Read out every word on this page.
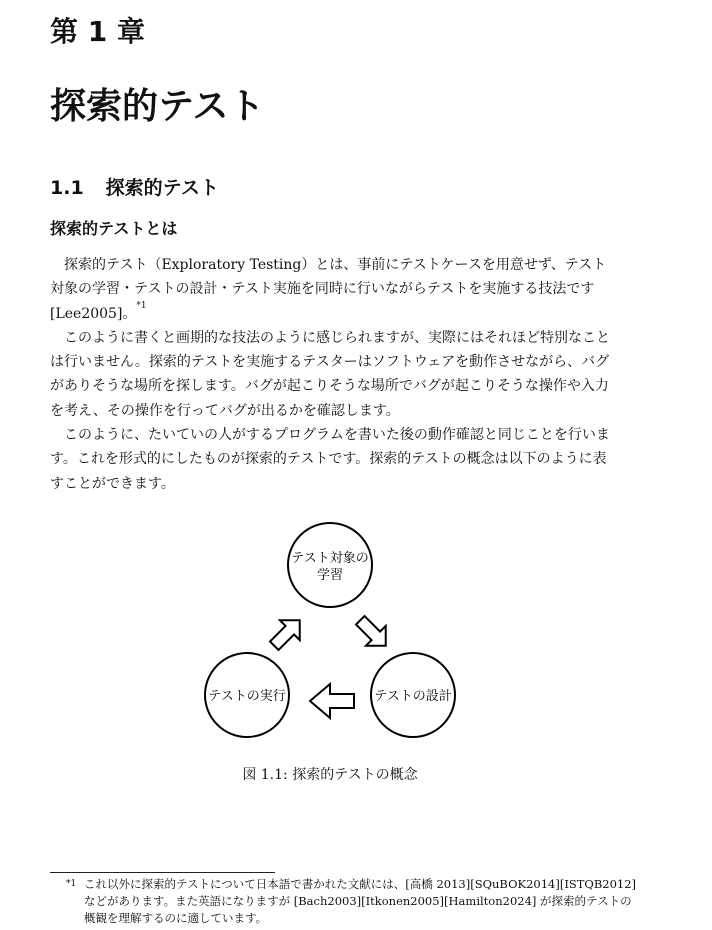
第 1 章
探索的テスト
1.1 探索的テスト
探索的テストとは
探索的テスト（Exploratory Testing）とは、事前にテストケースを用意せず、テスト
対象の学習・テストの設計・テスト実施を同時に行いながらテストを実施する技法です
[Lee2005]。$^{*1}$
このように書くと画期的な技法のように感じられますが、実際にはそれほど特別なこと
は行いません。探索的テストを実施するテスターはソフトウェアを動作させながら、バグ
がありそうな場所を探します。バグが起こりそうな場所でバグが起こりそうな操作や入力
を考え、その操作を行ってバグが出るかを確認します。
このように、たいていの人がするプログラムを書いた後の動作確認と同じことを行いま
す。これを形式的にしたものが探索的テストです。探索的テストの概念は以下のように表
すことができます。
テスト対象の
学習
テストの設計
テストの実行
図 1.1: 探索的テストの概念
*1 これ以外に探索的テストについて日本語で書かれた文献には、[高橋 2013][SQuBOK2014][ISTQB2012]
などがあります。また英語になりますが [Bach2003][Itkonen2005][Hamilton2024] が探索的テストの
概観を理解するのに適しています。
